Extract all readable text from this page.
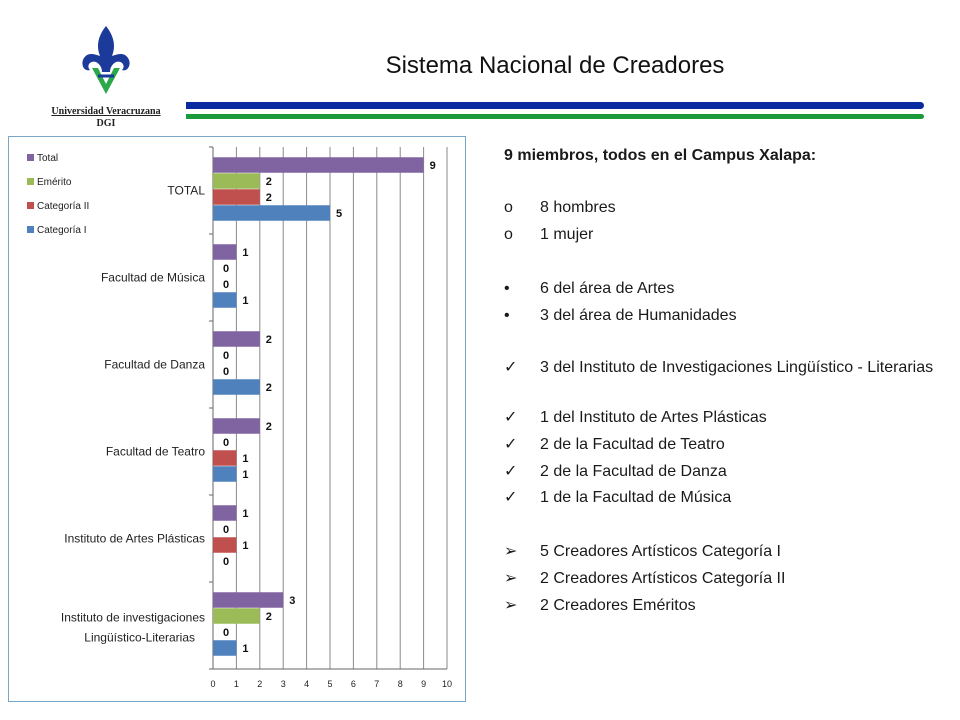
Universidad Veracruzana
DGI
Sistema Nacional de Creadores
0 1 2 3 4 5 6 7 8 9 10
9
2
2
5
1
0
1
2
0
2
2
1
1
1
1
0
3
2
1
0
0
0
0
0
TOTAL
Facultad de Música
Facultad de Danza
Facultad de Teatro
Instituto de Artes Plásticas
Instituto de investigaciones
Lingüístico-Literarias
Total
Emérito
Categoría II
Categoría I
9 miembros, todos en el Campus Xalapa:
o	8 hombres
o	1 mujer
•	6 del área de Artes
•	3 del área de Humanidades
✓	3 del Instituto de Investigaciones Lingüístico - Literarias
✓	1 del Instituto de Artes Plásticas
✓	2 de la Facultad de Teatro
✓	2 de la Facultad de Danza
✓	1 de la Facultad de Música
➢	5 Creadores Artísticos Categoría I
➢	2 Creadores Artísticos Categoría II
➢	2 Creadores Eméritos
